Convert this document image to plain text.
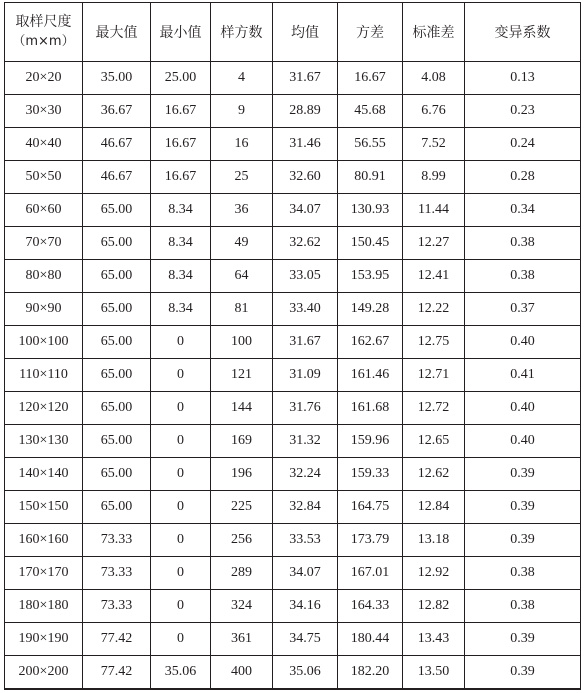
取样尺度
（m×m）	最大值	最小值	样方数	均值	方差	标准差	变异系数
20×20	35.00	25.00	4	31.67	16.67	4.08	0.13
30×30	36.67	16.67	9	28.89	45.68	6.76	0.23
40×40	46.67	16.67	16	31.46	56.55	7.52	0.24
50×50	46.67	16.67	25	32.60	80.91	8.99	0.28
60×60	65.00	8.34	36	34.07	130.93	11.44	0.34
70×70	65.00	8.34	49	32.62	150.45	12.27	0.38
80×80	65.00	8.34	64	33.05	153.95	12.41	0.38
90×90	65.00	8.34	81	33.40	149.28	12.22	0.37
100×100	65.00	0	100	31.67	162.67	12.75	0.40
110×110	65.00	0	121	31.09	161.46	12.71	0.41
120×120	65.00	0	144	31.76	161.68	12.72	0.40
130×130	65.00	0	169	31.32	159.96	12.65	0.40
140×140	65.00	0	196	32.24	159.33	12.62	0.39
150×150	65.00	0	225	32.84	164.75	12.84	0.39
160×160	73.33	0	256	33.53	173.79	13.18	0.39
170×170	73.33	0	289	34.07	167.01	12.92	0.38
180×180	73.33	0	324	34.16	164.33	12.82	0.38
190×190	77.42	0	361	34.75	180.44	13.43	0.39
200×200	77.42	35.06	400	35.06	182.20	13.50	0.39
